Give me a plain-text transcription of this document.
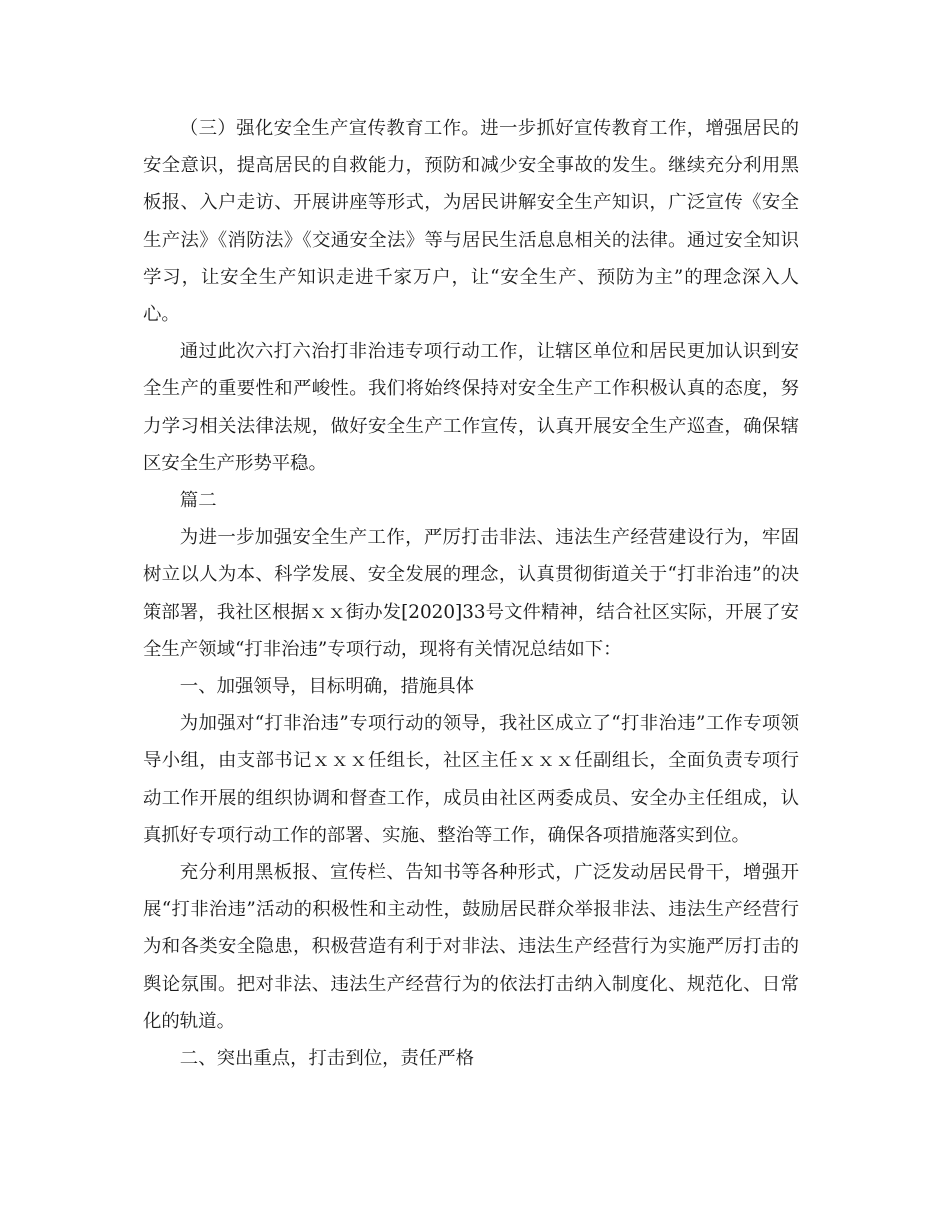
（三）强化安全生产宣传教育工作。进一步抓好宣传教育工作，增强居民的安全意识，提高居民的自救能力，预防和减少安全事故的发生。继续充分利用黑板报、入户走访、开展讲座等形式，为居民讲解安全生产知识，广泛宣传《安全生产法》《消防法》《交通安全法》等与居民生活息息相关的法律。通过安全知识学习，让安全生产知识走进千家万户，让“安全生产、预防为主”的理念深入人心。

通过此次六打六治打非治违专项行动工作，让辖区单位和居民更加认识到安全生产的重要性和严峻性。我们将始终保持对安全生产工作积极认真的态度，努力学习相关法律法规，做好安全生产工作宣传，认真开展安全生产巡查，确保辖区安全生产形势平稳。

篇二

为进一步加强安全生产工作，严厉打击非法、违法生产经营建设行为，牢固树立以人为本、科学发展、安全发展的理念，认真贯彻街道关于“打非治违”的决策部署，我社区根据ｘｘ街办发[2020]33号文件精神，结合社区实际，开展了安全生产领域“打非治违”专项行动，现将有关情况总结如下：

一、加强领导，目标明确，措施具体

为加强对“打非治违”专项行动的领导，我社区成立了“打非治违”工作专项领导小组，由支部书记ｘｘｘ任组长，社区主任ｘｘｘ任副组长，全面负责专项行动工作开展的组织协调和督查工作，成员由社区两委成员、安全办主任组成，认真抓好专项行动工作的部署、实施、整治等工作，确保各项措施落实到位。

充分利用黑板报、宣传栏、告知书等各种形式，广泛发动居民骨干，增强开展“打非治违”活动的积极性和主动性，鼓励居民群众举报非法、违法生产经营行为和各类安全隐患，积极营造有利于对非法、违法生产经营行为实施严厉打击的舆论氛围。把对非法、违法生产经营行为的依法打击纳入制度化、规范化、日常化的轨道。

二、突出重点，打击到位，责任严格
